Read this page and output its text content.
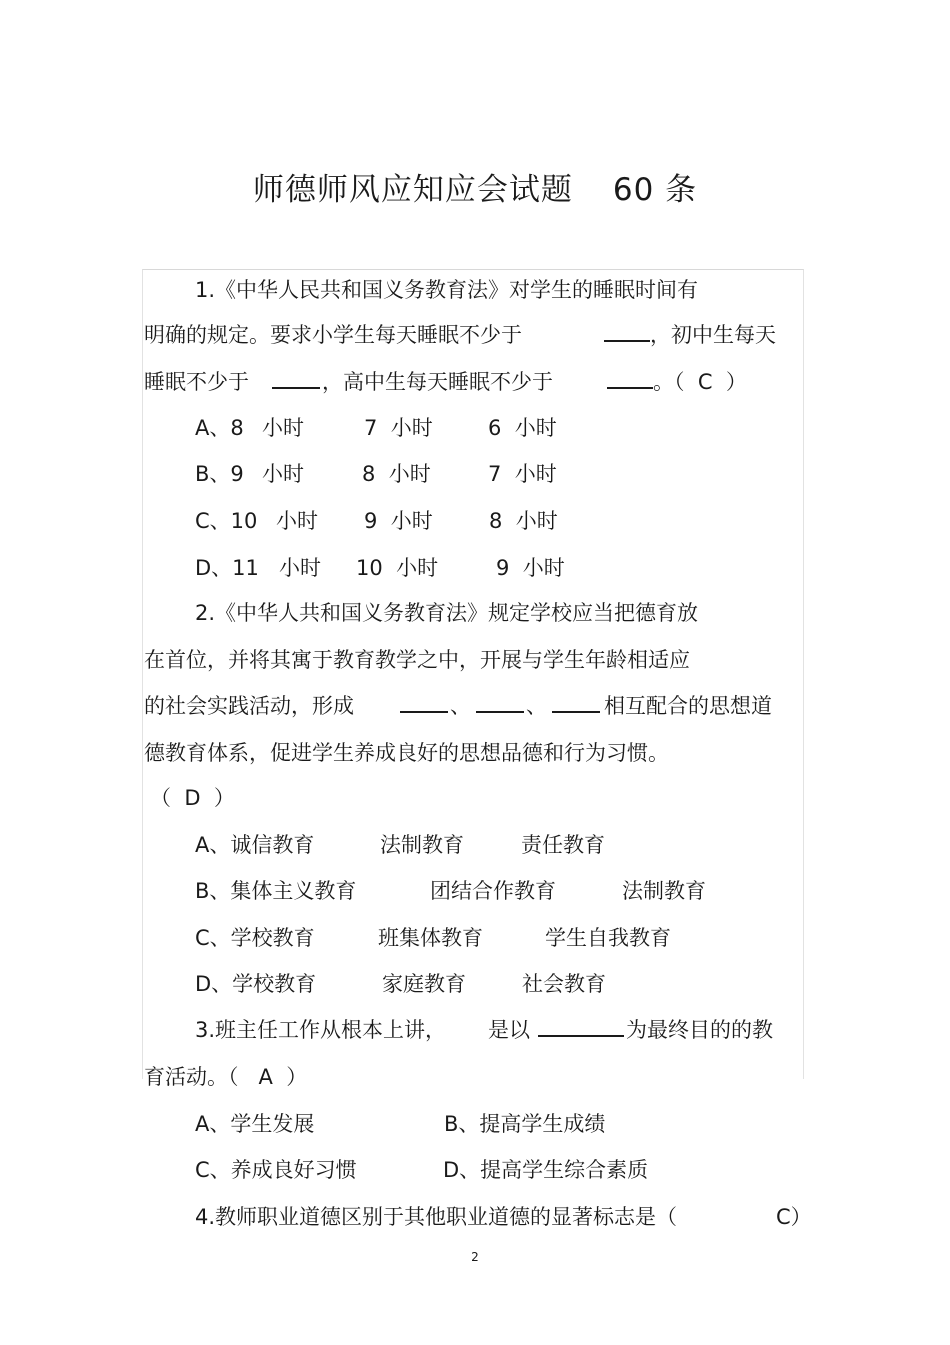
师德师风应知应会试题 60 条
1.《中华人民共和国义务教育法》对学生的睡眠时间有
明确的规定。要求小学生每天睡眠不少于	，初中生每天
睡眠不少于	，高中生每天睡眠不少于	。（  C  ）
A、8 小时	7  小时	6  小时
B、9 小时	8  小时	7  小时
C、10 小时 9  小时	8  小时
D、11 小时 10  小时	9  小时
2.《中华人共和国义务教育法》规定学校应当把德育放
在首位，并将其寓于教育教学之中，开展与学生年龄相适应
的社会实践活动，形成	、	、	相互配合的思想道
德教育体系，促进学生养成良好的思想品德和行为习惯。
（  D  ）
A、诚信教育	法制教育	责任教育
B、集体主义教育	团结合作教育	法制教育
C、学校教育	班集体教育	学生自我教育
D、学校教育	家庭教育	社会教育
3.班主任工作从根本上讲， 是以	为最终目的的教
育活动。（   A  ）
A、学生发展	B、提高学生成绩
C、养成良好习惯	D、提高学生综合素质
4.教师职业道德区别于其他职业道德的显著标志是（	C）
2
